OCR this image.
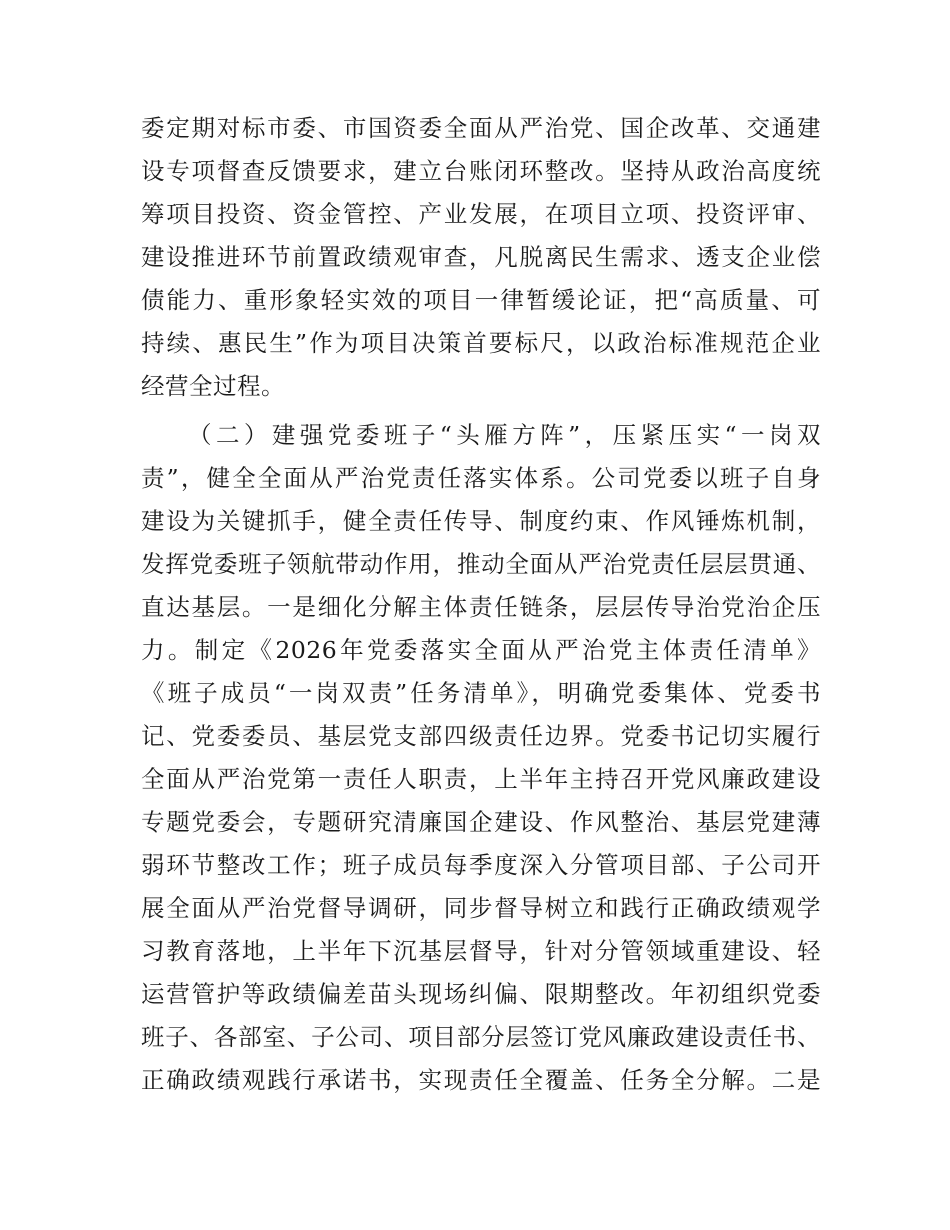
委定期对标市委、市国资委全面从严治党、国企改革、交通建
设专项督查反馈要求，建立台账闭环整改。坚持从政治高度统
筹项目投资、资金管控、产业发展，在项目立项、投资评审、
建设推进环节前置政绩观审查，凡脱离民生需求、透支企业偿
债能力、重形象轻实效的项目一律暂缓论证，把“高质量、可
持续、惠民生”作为项目决策首要标尺，以政治标准规范企业
经营全过程。
（二）建强党委班子“头雁方阵”，压紧压实“一岗双
责”，健全全面从严治党责任落实体系。公司党委以班子自身
建设为关键抓手，健全责任传导、制度约束、作风锤炼机制，
发挥党委班子领航带动作用，推动全面从严治党责任层层贯通、
直达基层。一是细化分解主体责任链条，层层传导治党治企压
力。制定《2026年党委落实全面从严治党主体责任清单》
《班子成员“一岗双责”任务清单》，明确党委集体、党委书
记、党委委员、基层党支部四级责任边界。党委书记切实履行
全面从严治党第一责任人职责，上半年主持召开党风廉政建设
专题党委会，专题研究清廉国企建设、作风整治、基层党建薄
弱环节整改工作；班子成员每季度深入分管项目部、子公司开
展全面从严治党督导调研，同步督导树立和践行正确政绩观学
习教育落地，上半年下沉基层督导，针对分管领域重建设、轻
运营管护等政绩偏差苗头现场纠偏、限期整改。年初组织党委
班子、各部室、子公司、项目部分层签订党风廉政建设责任书、
正确政绩观践行承诺书，实现责任全覆盖、任务全分解。二是
